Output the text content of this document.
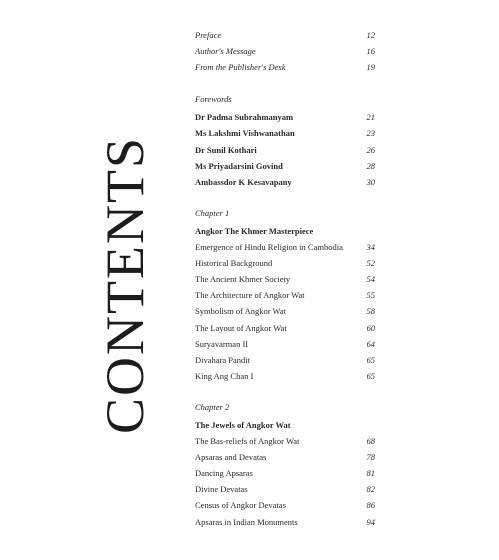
CONTENTS
Preface	12
Author's Message	16
From the Publisher's Desk	19
Forewords
Dr Padma Subrahmanyam	21
Ms Lakshmi Vishwanathan	23
Dr Sunil Kothari	26
Ms Priyadarsini Govind	28
Ambassdor K Kesavapany	30
Chapter 1
Angkor The Khmer Masterpiece
Emergence of Hindu Religion in Cambodia	34
Historical Background	52
The Ancient Khmer Society	54
The Architecture of Angkor Wat	55
Symbolism of Angkor Wat	58
The Layout of Angkor Wat	60
Suryavarman II	64
Divahara Pandit	65
King Ang Chan I	65
Chapter 2
The Jewels of Angkor Wat
The Bas-reliefs of Angkor Wat	68
Apsaras and Devatas	78
Dancing Apsaras	81
Divine Devatas	82
Census of Angkor Devatas	86
Apsaras in Indian Monuments	94
